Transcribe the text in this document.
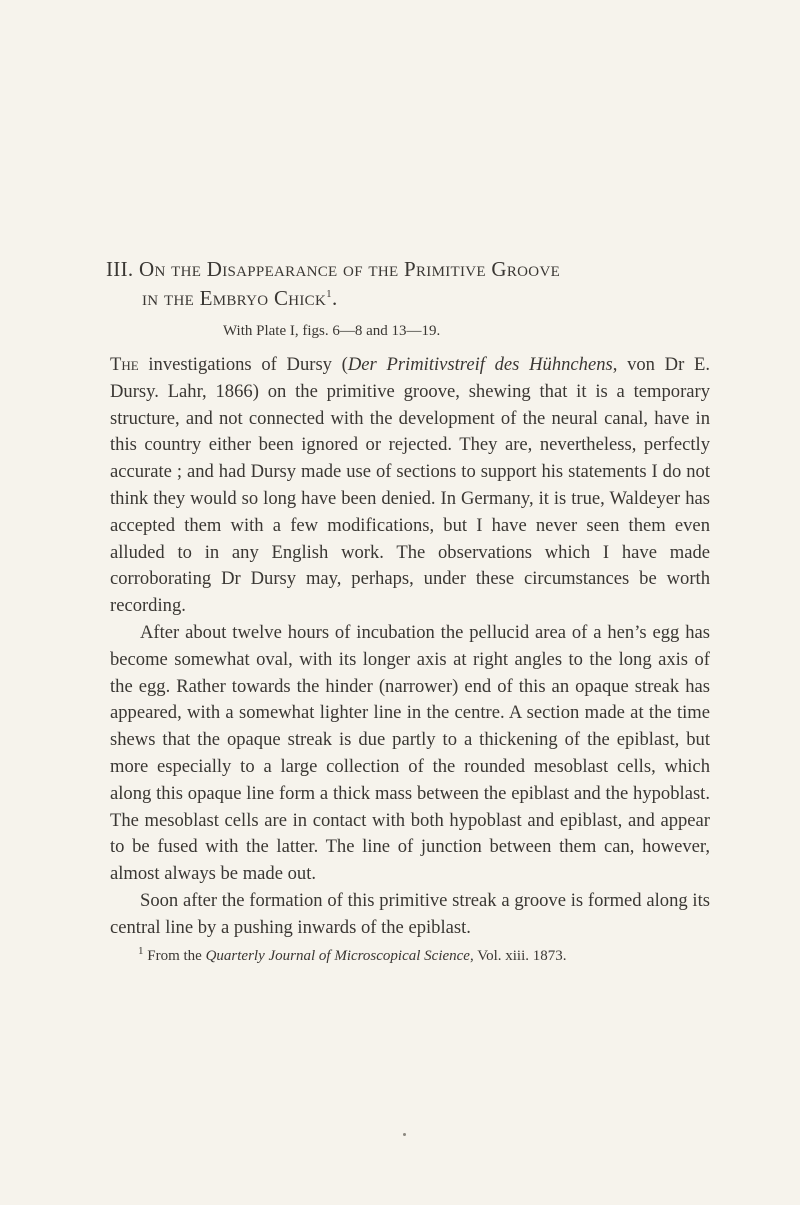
III. On the Disappearance of the Primitive Groove
in the Embryo Chick$^1$.

With Plate I, figs. 6—8 and 13—19.

The investigations of Dursy (Der Primitivstreif des Hühnchens, von Dr E. Dursy. Lahr, 1866) on the primitive groove, shewing that it is a temporary structure, and not connected with the development of the neural canal, have in this country either been ignored or rejected. They are, nevertheless, perfectly accurate ; and had Dursy made use of sections to support his statements I do not think they would so long have been denied. In Germany, it is true, Waldeyer has accepted them with a few modifications, but I have never seen them even alluded to in any English work. The observations which I have made corroborating Dr Dursy may, perhaps, under these circumstances be worth recording.

After about twelve hours of incubation the pellucid area of a hen’s egg has become somewhat oval, with its longer axis at right angles to the long axis of the egg. Rather towards the hinder (narrower) end of this an opaque streak has appeared, with a somewhat lighter line in the centre. A section made at the time shews that the opaque streak is due partly to a thickening of the epiblast, but more especially to a large collection of the rounded mesoblast cells, which along this opaque line form a thick mass between the epiblast and the hypoblast. The mesoblast cells are in contact with both hypoblast and epiblast, and appear to be fused with the latter. The line of junction between them can, however, almost always be made out.

Soon after the formation of this primitive streak a groove is formed along its central line by a pushing inwards of the epiblast.

$^1$ From the Quarterly Journal of Microscopical Science, Vol. xiii. 1873.
